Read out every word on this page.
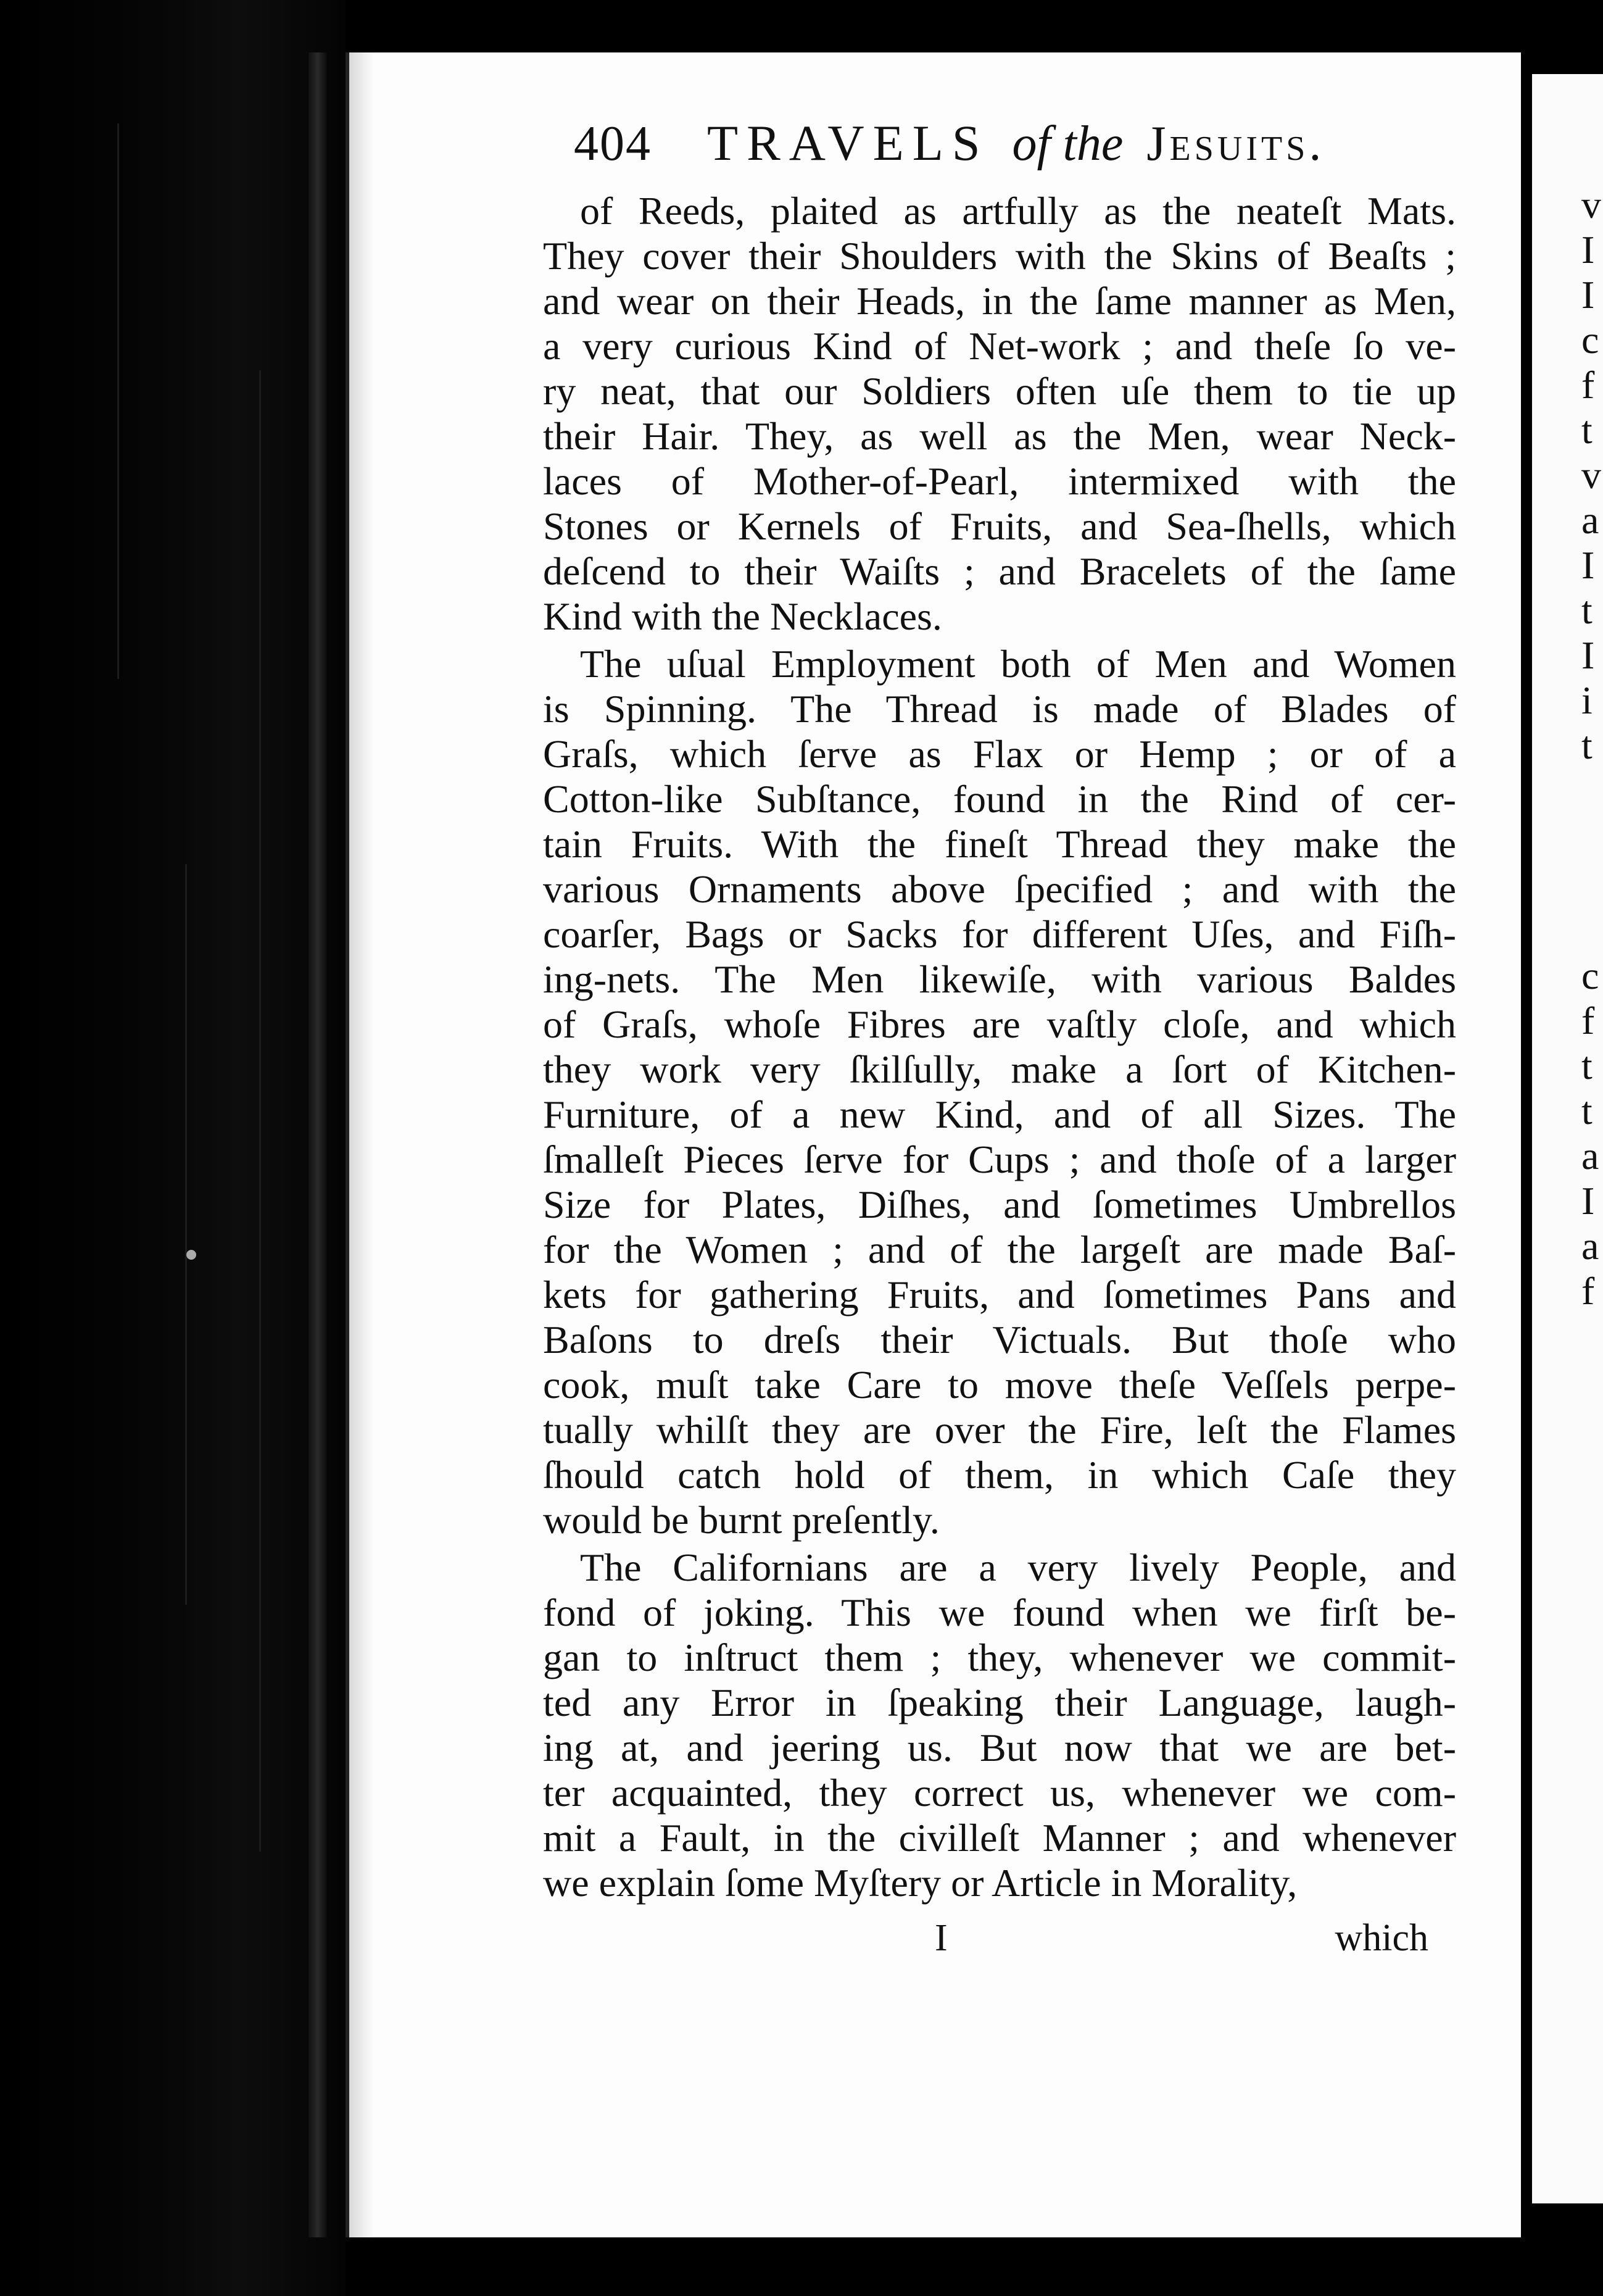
v
I
I
c
f
t
v
a
I
t
I
i
t
c
f
t
t
a
I
a
f
404 TRAVELS of the Jesuits.
of Reeds, plaited as artfully as the neateſt Mats.
They cover their Shoulders with the Skins of Beaſts ;
and wear on their Heads, in the ſame manner as Men,
a very curious Kind of Net-work ; and theſe ſo ve-
ry neat, that our Soldiers often uſe them to tie up
their Hair. They, as well as the Men, wear Neck-
laces of Mother-of-Pearl, intermixed with the
Stones or Kernels of Fruits, and Sea-ſhells, which
deſcend to their Waiſts ; and Bracelets of the ſame
Kind with the Necklaces.
The uſual Employment both of Men and Women
is Spinning. The Thread is made of Blades of
Graſs, which ſerve as Flax or Hemp ; or of a
Cotton-like Subſtance, found in the Rind of cer-
tain Fruits. With the fineſt Thread they make the
various Ornaments above ſpecified ; and with the
coarſer, Bags or Sacks for different Uſes, and Fiſh-
ing-nets. The Men likewiſe, with various Baldes
of Graſs, whoſe Fibres are vaſtly cloſe, and which
they work very ſkilſully, make a ſort of Kitchen-
Furniture, of a new Kind, and of all Sizes. The
ſmalleſt Pieces ſerve for Cups ; and thoſe of a larger
Size for Plates, Diſhes, and ſometimes Umbrellos
for the Women ; and of the largeſt are made Baſ-
kets for gathering Fruits, and ſometimes Pans and
Baſons to dreſs their Victuals. But thoſe who
cook, muſt take Care to move theſe Veſſels perpe-
tually whilſt they are over the Fire, leſt the Flames
ſhould catch hold of them, in which Caſe they
would be burnt preſently.
The Californians are a very lively People, and
fond of joking. This we found when we firſt be-
gan to inſtruct them ; they, whenever we commit-
ted any Error in ſpeaking their Language, laugh-
ing at, and jeering us. But now that we are bet-
ter acquainted, they correct us, whenever we com-
mit a Fault, in the civilleſt Manner ; and whenever
we explain ſome Myſtery or Article in Morality,
I	which
